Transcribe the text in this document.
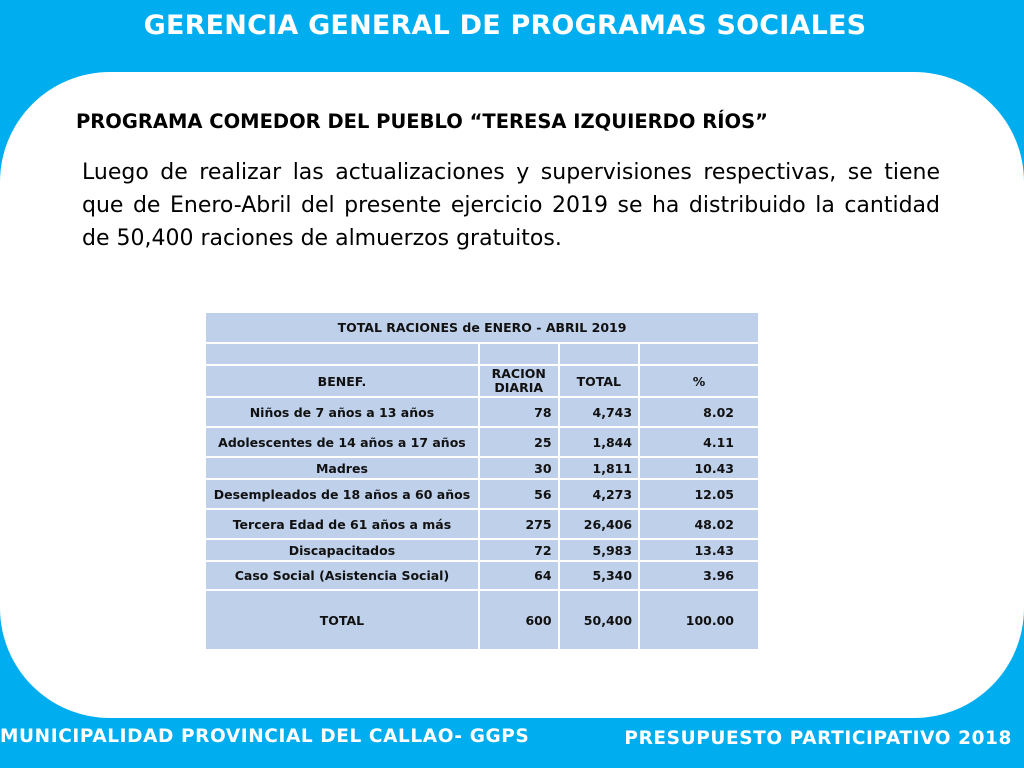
GERENCIA GENERAL DE PROGRAMAS SOCIALES
PROGRAMA COMEDOR DEL PUEBLO “TERESA IZQUIERDO RÍOS”
Luego de realizar las actualizaciones y supervisiones respectivas, se tiene que de Enero-Abril del presente ejercicio 2019 se ha distribuido la cantidad de 50,400 raciones de almuerzos gratuitos.
TOTAL RACIONES de ENERO - ABRIL 2019			

BENEF.	RACION DIARIA	TOTAL	%
Niños de 7 años a 13 años	78	4,743	8.02
Adolescentes de 14 años a 17 años	25	1,844	4.11
Madres	30	1,811	10.43
Desempleados de 18 años a 60 años	56	4,273	12.05
Tercera Edad de 61 años a más	275	26,406	48.02
Discapacitados	72	5,983	13.43
Caso Social (Asistencia Social)	64	5,340	3.96
TOTAL	600	50,400	100.00
MUNICIPALIDAD PROVINCIAL DEL CALLAO- GGPS	PRESUPUESTO PARTICIPATIVO 2018
